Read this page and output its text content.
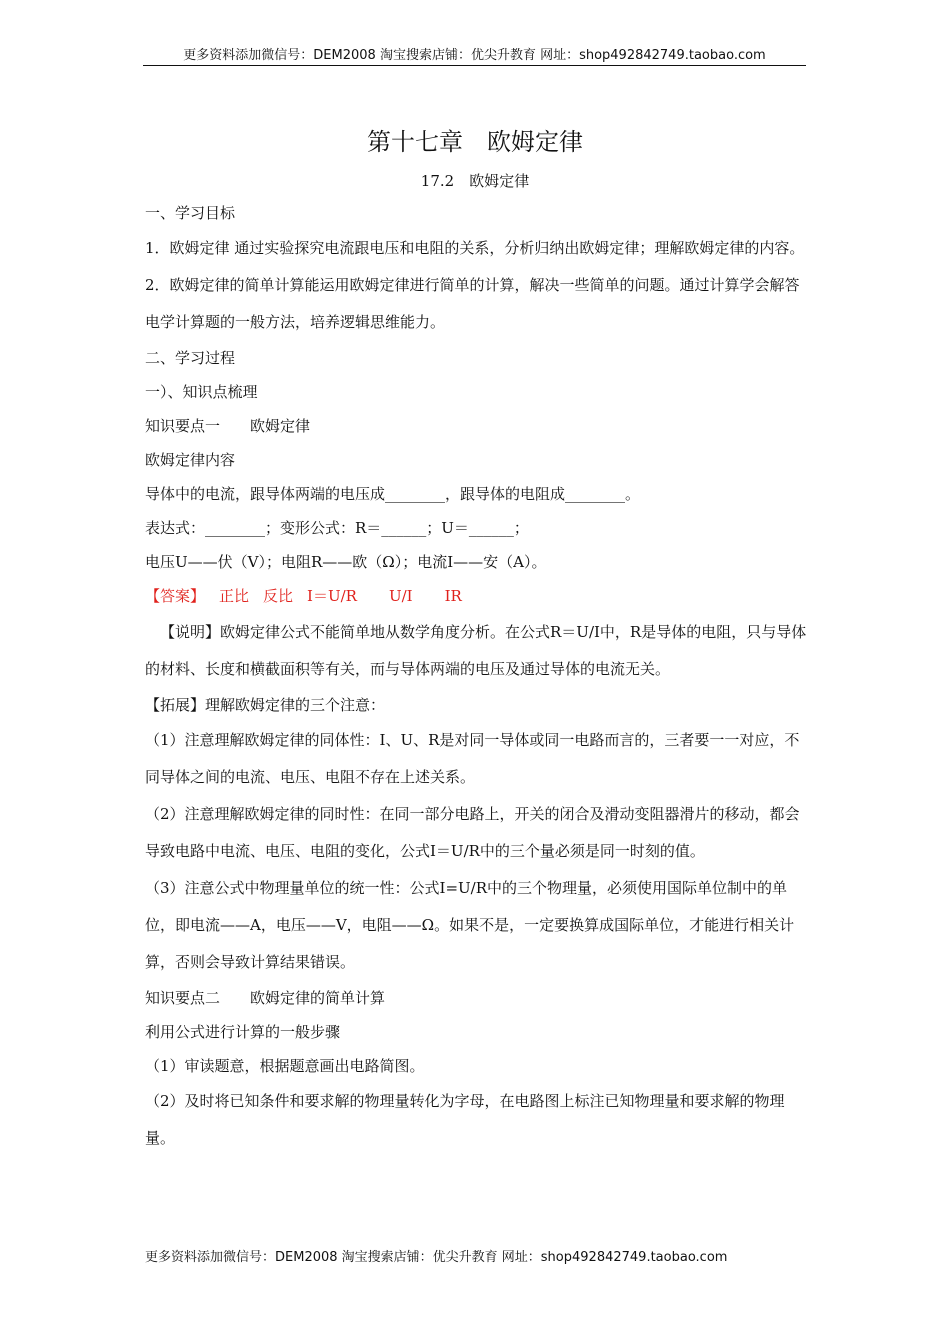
更多资料添加微信号：DEM2008 淘宝搜索店铺：优尖升教育 网址：shop492842749.taobao.com
第十七章　欧姆定律
17.2　欧姆定律

一、学习目标

1．欧姆定律 通过实验探究电流跟电压和电阻的关系，分析归纳出欧姆定律；理解欧姆定律的内容。

2．欧姆定律的简单计算能运用欧姆定律进行简单的计算，解决一些简单的问题。通过计算学会解答电学计算题的一般方法，培养逻辑思维能力。

二、学习过程

一）、知识点梳理

知识要点一　　欧姆定律

欧姆定律内容

导体中的电流，跟导体两端的电压成________，跟导体的电阻成________。

表达式：________；变形公式：R＝______；U＝______；

电压U——伏（V）；电阻R——欧（Ω）；电流I——安（A）。

【答案】 正比 反比 I＝U/R U/I IR

【说明】欧姆定律公式不能简单地从数学角度分析。在公式R＝U/I中，R是导体的电阻，只与导体的材料、长度和横截面积等有关，而与导体两端的电压及通过导体的电流无关。

【拓展】理解欧姆定律的三个注意：

（1）注意理解欧姆定律的同体性：I、U、R是对同一导体或同一电路而言的，三者要一一对应，不同导体之间的电流、电压、电阻不存在上述关系。

（2）注意理解欧姆定律的同时性：在同一部分电路上，开关的闭合及滑动变阻器滑片的移动，都会导致电路中电流、电压、电阻的变化，公式I＝U/R中的三个量必须是同一时刻的值。

（3）注意公式中物理量单位的统一性：公式I=U/R中的三个物理量，必须使用国际单位制中的单位，即电流——A，电压——V，电阻——Ω。如果不是，一定要换算成国际单位，才能进行相关计算，否则会导致计算结果错误。

知识要点二　　欧姆定律的简单计算

利用公式进行计算的一般步骤

（1）审读题意，根据题意画出电路简图。

（2）及时将已知条件和要求解的物理量转化为字母，在电路图上标注已知物理量和要求解的物理量。

更多资料添加微信号：DEM2008 淘宝搜索店铺：优尖升教育 网址：shop492842749.taobao.com
